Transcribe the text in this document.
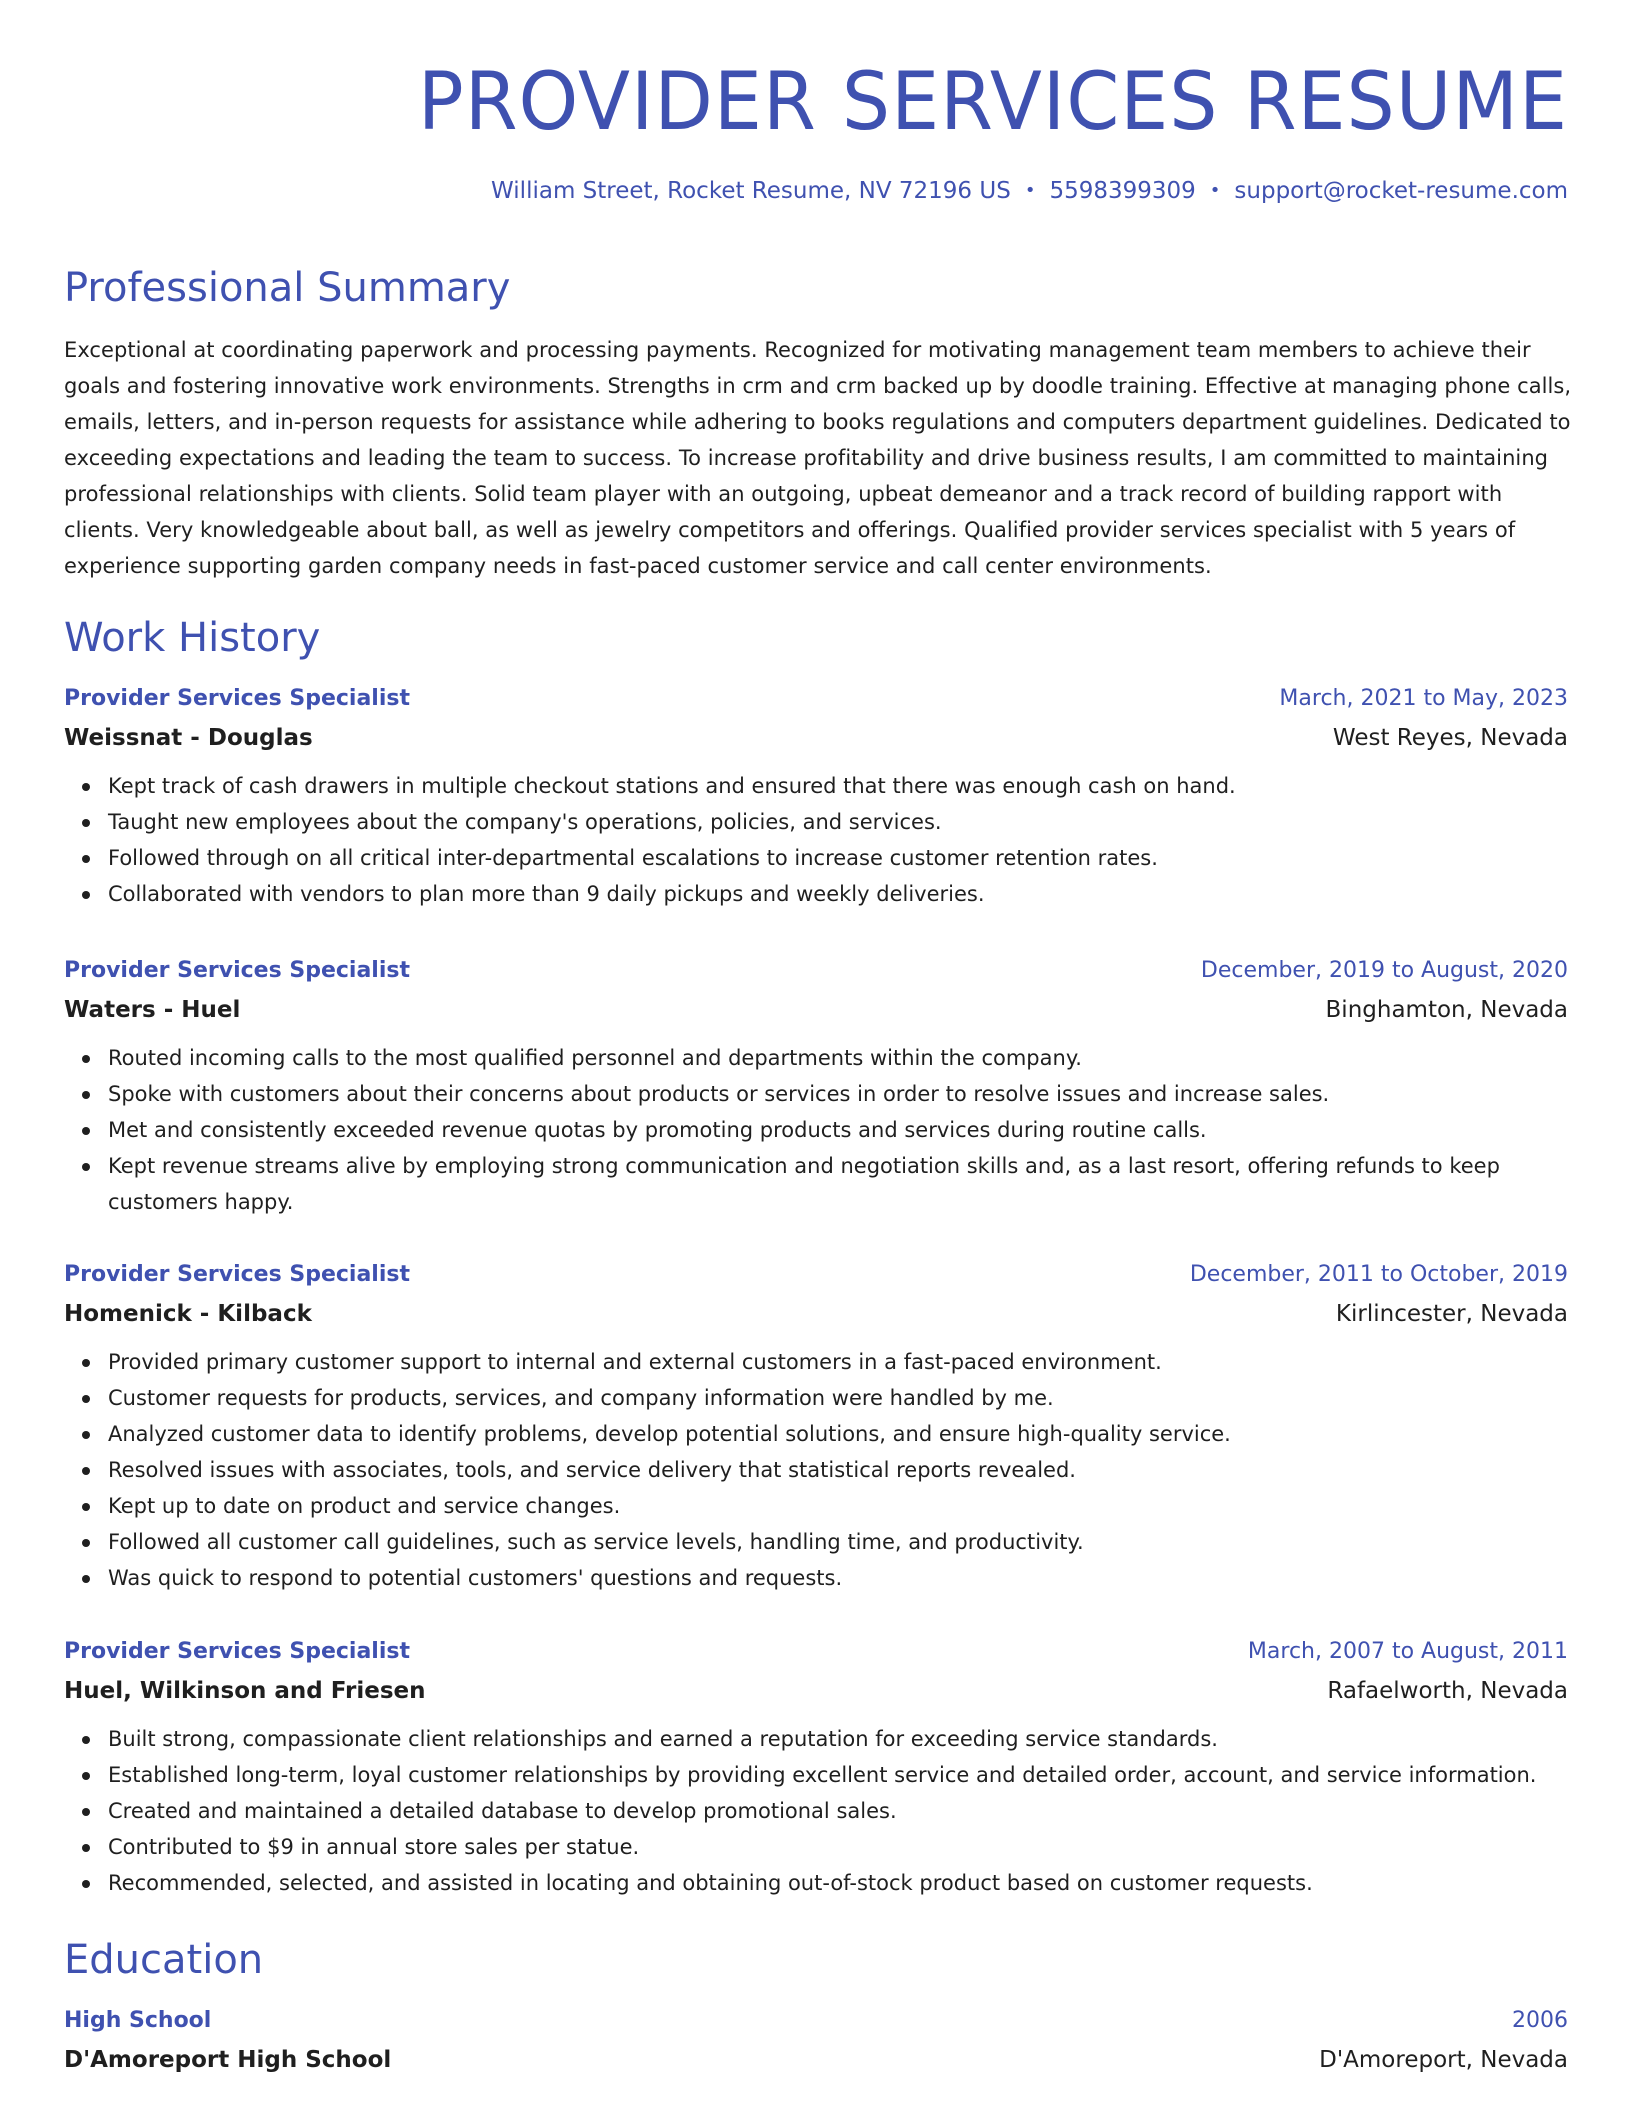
PROVIDER SERVICES RESUME
William Street, Rocket Resume, NV 72196 US • 5598399309 • support@rocket-resume.com
Professional Summary

Exceptional at coordinating paperwork and processing payments. Recognized for motivating management team members to achieve their goals and fostering innovative work environments. Strengths in crm and crm backed up by doodle training. Effective at managing phone calls, emails, letters, and in-person requests for assistance while adhering to books regulations and computers department guidelines. Dedicated to exceeding expectations and leading the team to success. To increase profitability and drive business results, I am committed to maintaining professional relationships with clients. Solid team player with an outgoing, upbeat demeanor and a track record of building rapport with clients. Very knowledgeable about ball, as well as jewelry competitors and offerings. Qualified provider services specialist with 5 years of experience supporting garden company needs in fast-paced customer service and call center environments.

Work History
Provider Services Specialist	March, 2021 to May, 2023
Weissnat - Douglas	West Reyes, Nevada
Kept track of cash drawers in multiple checkout stations and ensured that there was enough cash on hand.
Taught new employees about the company's operations, policies, and services.
Followed through on all critical inter-departmental escalations to increase customer retention rates.
Collaborated with vendors to plan more than 9 daily pickups and weekly deliveries.
Provider Services Specialist	December, 2019 to August, 2020
Waters - Huel	Binghamton, Nevada
Routed incoming calls to the most qualified personnel and departments within the company.
Spoke with customers about their concerns about products or services in order to resolve issues and increase sales.
Met and consistently exceeded revenue quotas by promoting products and services during routine calls.
Kept revenue streams alive by employing strong communication and negotiation skills and, as a last resort, offering refunds to keep customers happy.
Provider Services Specialist	December, 2011 to October, 2019
Homenick - Kilback	Kirlincester, Nevada
Provided primary customer support to internal and external customers in a fast-paced environment.
Customer requests for products, services, and company information were handled by me.
Analyzed customer data to identify problems, develop potential solutions, and ensure high-quality service.
Resolved issues with associates, tools, and service delivery that statistical reports revealed.
Kept up to date on product and service changes.
Followed all customer call guidelines, such as service levels, handling time, and productivity.
Was quick to respond to potential customers' questions and requests.
Provider Services Specialist	March, 2007 to August, 2011
Huel, Wilkinson and Friesen	Rafaelworth, Nevada
Built strong, compassionate client relationships and earned a reputation for exceeding service standards.
Established long-term, loyal customer relationships by providing excellent service and detailed order, account, and service information.
Created and maintained a detailed database to develop promotional sales.
Contributed to $9 in annual store sales per statue.
Recommended, selected, and assisted in locating and obtaining out-of-stock product based on customer requests.
Education
High School	2006
D'Amoreport High School	D'Amoreport, Nevada
